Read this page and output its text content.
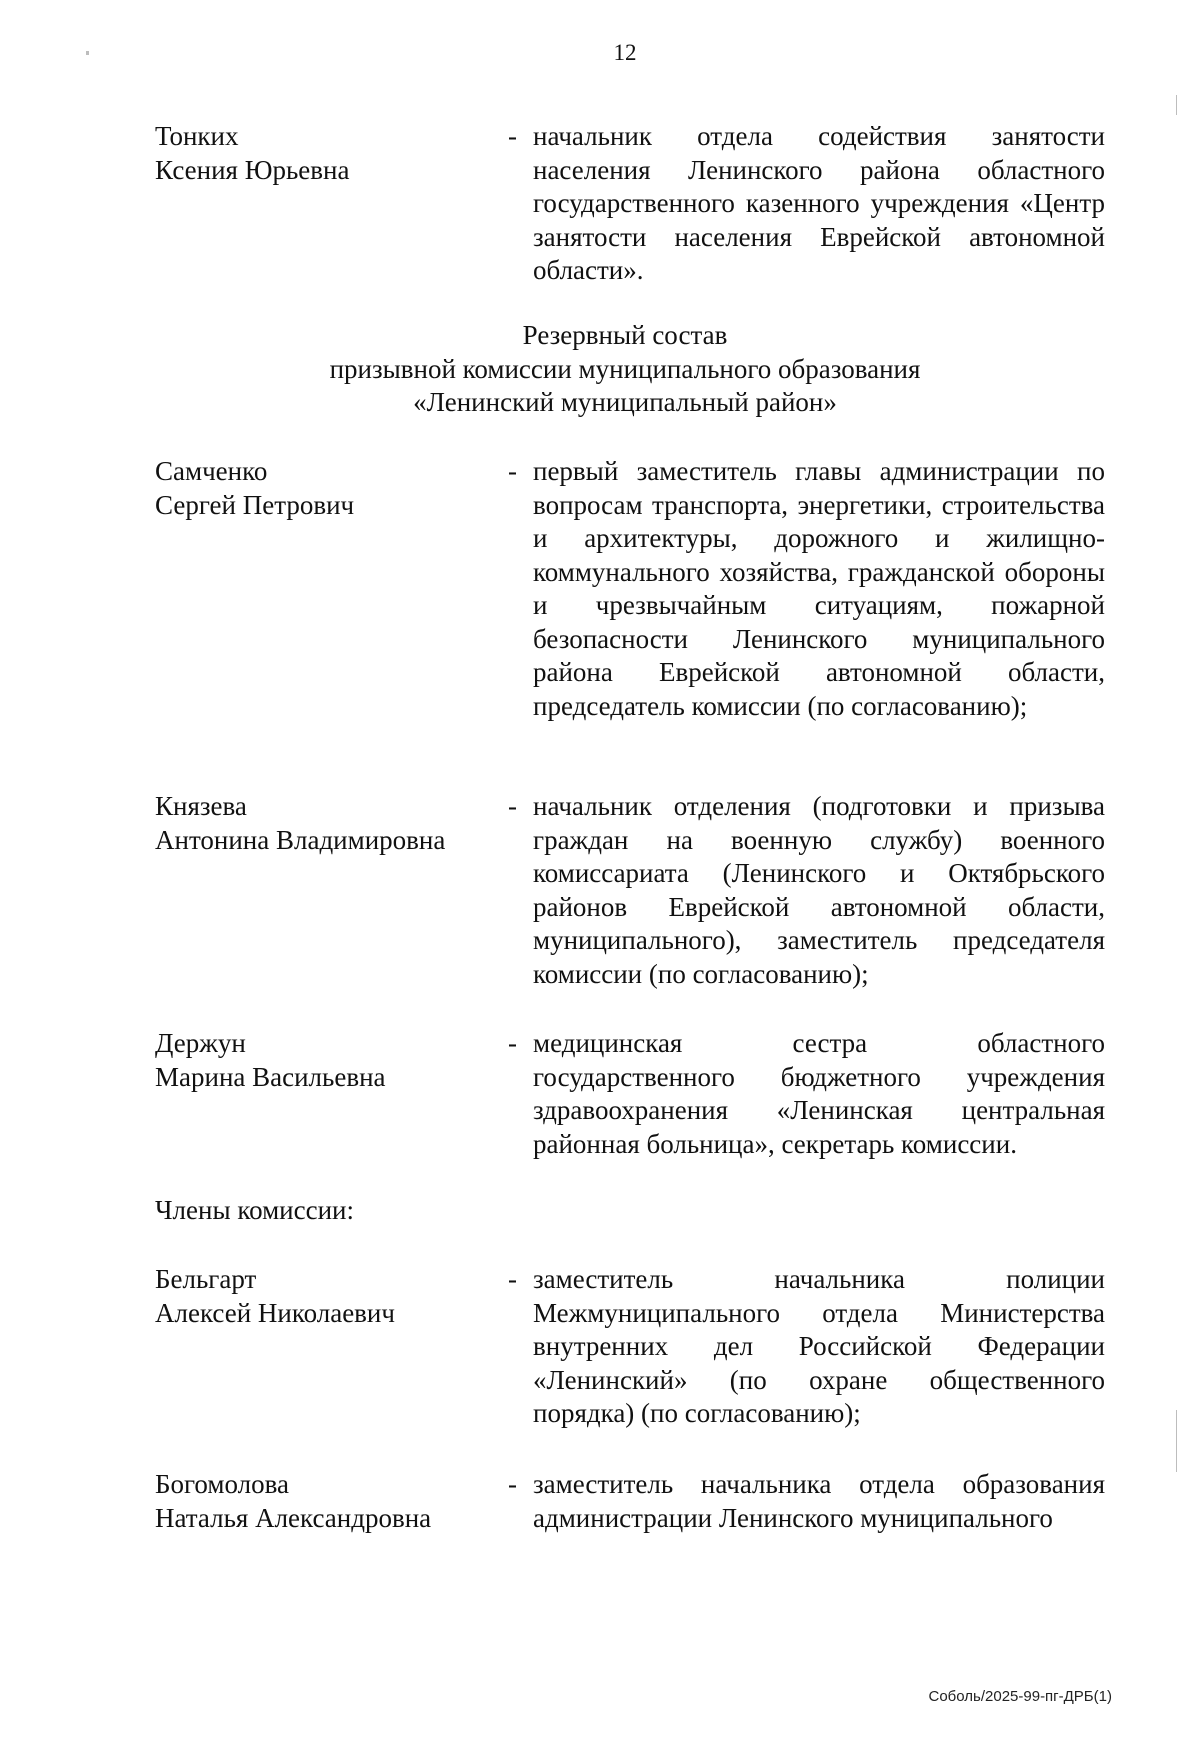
12
Тонких
Ксения Юрьевна
- начальник отдела содействия занятости населения Ленинского района областного государственного казенного учреждения «Центр занятости населения Еврейской автономной области».
Резервный состав
призывной комиссии муниципального образования
«Ленинский муниципальный район»
Самченко
Сергей Петрович
- первый заместитель главы администрации по вопросам транспорта, энергетики, строительства и архитектуры, дорожного и жилищно-коммунального хозяйства, гражданской обороны и чрезвычайным ситуациям, пожарной безопасности Ленинского муниципального района Еврейской автономной области, председатель комиссии (по согласованию);
Князева
Антонина Владимировна
- начальник отделения (подготовки и призыва граждан на военную службу) военного комиссариата (Ленинского и Октябрьского районов Еврейской автономной области, муниципального), заместитель председателя комиссии (по согласованию);
Держун
Марина Васильевна
- медицинская сестра областного государственного бюджетного учреждения здравоохранения «Ленинская центральная районная больница», секретарь комиссии.
Члены комиссии:
Бельгарт
Алексей Николаевич
- заместитель начальника полиции Межмуниципального отдела Министерства внутренних дел Российской Федерации «Ленинский» (по охране общественного порядка) (по согласованию);
Богомолова
Наталья Александровна
- заместитель начальника отдела образования администрации Ленинского муниципального
Соболь/2025-99-пг-ДРБ(1)
